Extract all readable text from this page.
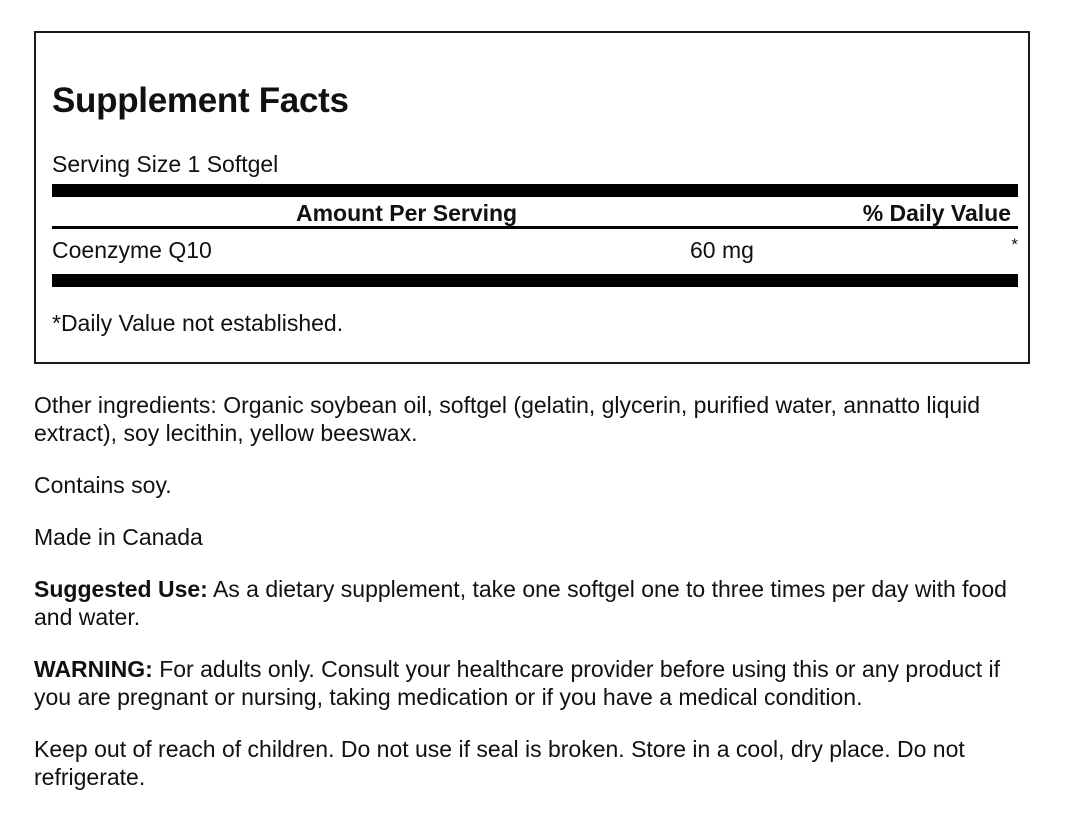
Supplement Facts
Serving Size 1 Softgel
Amount Per Serving	% Daily Value
Coenzyme Q10	60 mg	*
*Daily Value not established.

Other ingredients: Organic soybean oil, softgel (gelatin, glycerin, purified water, annatto liquid extract), soy lecithin, yellow beeswax.

Contains soy.

Made in Canada

Suggested Use: As a dietary supplement, take one softgel one to three times per day with food and water.

WARNING: For adults only. Consult your healthcare provider before using this or any product if you are pregnant or nursing, taking medication or if you have a medical condition.

Keep out of reach of children. Do not use if seal is broken. Store in a cool, dry place. Do not refrigerate.
